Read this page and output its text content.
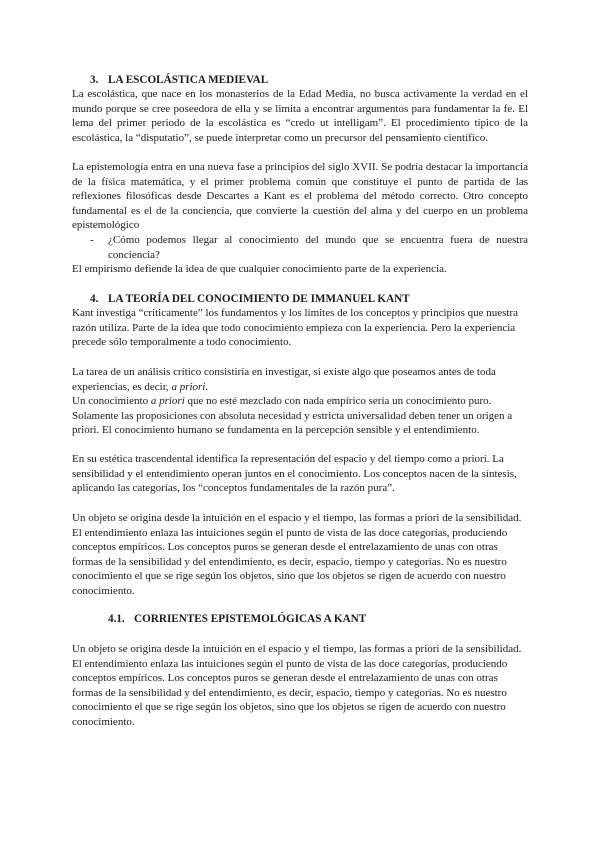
3. LA ESCOLÁSTICA MEDIEVAL

La escolástica, que nace en los monasterios de la Edad Media, no busca activamente la verdad en el mundo porque se cree poseedora de ella y se limita a encontrar argumentos para fundamentar la fe. El lema del primer periodo de la escolástica es “credo ut intelligam”. El procedimiento típico de la escolástica, la “disputatio”, se puede interpretar como un precursor del pensamiento científico.

La epistemología entra en una nueva fase a principios del siglo XVII. Se podría destacar la importancia de la física matemática, y el primer problema común que constituye el punto de partida de las reflexiones filosóficas desde Descartes a Kant es el problema del método correcto. Otro concepto fundamental es el de la conciencia, que convierte la cuestión del alma y del cuerpo en un problema epistemológico

- ¿Cómo podemos llegar al conocimiento del mundo que se encuentra fuera de nuestra conciencia?

El empirismo defiende la idea de que cualquier conocimiento parte de la experiencia.

4. LA TEORÍA DEL CONOCIMIENTO DE IMMANUEL KANT

Kant investiga “críticamente” los fundamentos y los límites de los conceptos y principios que nuestra razón utiliza. Parte de la idea que todo conocimiento empieza con la experiencia. Pero la experiencia precede sólo temporalmente a todo conocimiento.

La tarea de un análisis crítico consistiría en investigar, si existe algo que poseamos antes de toda experiencias, es decir, a priori.

Un conocimiento a priori que no esté mezclado con nada empírico sería un conocimiento puro. Solamente las proposiciones con absoluta necesidad y estricta universalidad deben tener un origen a priori. El conocimiento humano se fundamenta en la percepción sensible y el entendimiento.

En su estética trascendental identifica la representación del espacio y del tiempo como a priori. La sensibilidad y el entendimiento operan juntos en el conocimiento. Los conceptos nacen de la síntesis, aplicando las categorías, los “conceptos fundamentales de la razón pura”.

Un objeto se origina desde la intuición en el espacio y el tiempo, las formas a priori de la sensibilidad. El entendimiento enlaza las intuiciones según el punto de vista de las doce categorías, produciendo conceptos empíricos. Los conceptos puros se generan desde el entrelazamiento de unas con otras formas de la sensibilidad y del entendimiento, es decir, espacio, tiempo y categorías. No es nuestro conocimiento el que se rige según los objetos, sino que los objetos se rigen de acuerdo con nuestro conocimiento.

4.1. CORRIENTES EPISTEMOLÓGICAS A KANT

Un objeto se origina desde la intuición en el espacio y el tiempo, las formas a priori de la sensibilidad. El entendimiento enlaza las intuiciones según el punto de vista de las doce categorías, produciendo conceptos empíricos. Los conceptos puros se generan desde el entrelazamiento de unas con otras formas de la sensibilidad y del entendimiento, es decir, espacio, tiempo y categorías. No es nuestro conocimiento el que se rige según los objetos, sino que los objetos se rigen de acuerdo con nuestro conocimiento.
